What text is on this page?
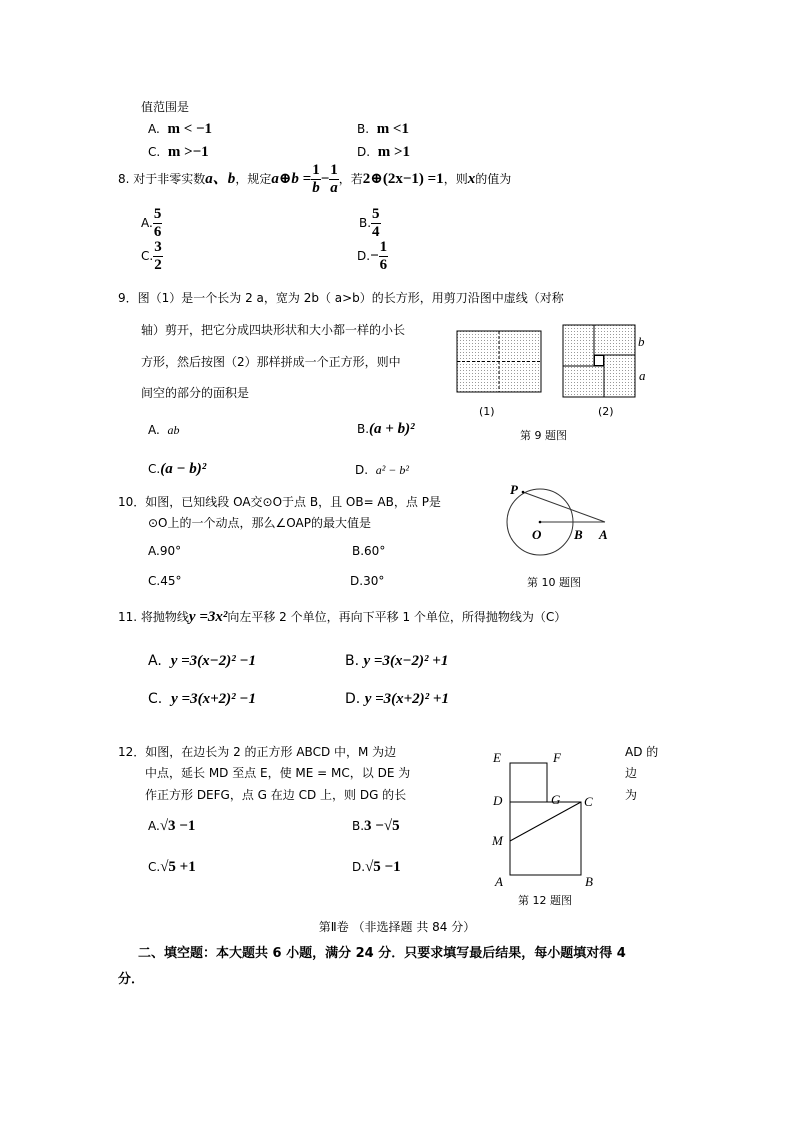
值范围是
A. m < −1	B. m <1
C. m >−1	D. m >1
8. 对于非零实数a、b，规定a⊕b = $\frac{1}{b} - \frac{1}{a}$ ，若2⊕(2x−1) =1，则x的值为
A. $\frac{5}{6}$	B. $\frac{5}{4}$
C. $\frac{3}{2}$	$D.- \frac{1}{6}$
9．图（1）是一个长为 2 a，宽为 2b（ a>b）的长方形，用剪刀沿图中虚线（对称
轴）剪开，把它分成四块形状和大小都一样的小长
方形，然后按图（2）那样拼成一个正方形，则中
间空的部分的面积是
b
a
(1)	(2)
第 9 题图
A. ab	B.(a + b)²
C.(a − b)²	D. a² − b²
10．如图，已知线段 OA交⊙O于点 B，且 OB= AB，点 P是
⊙O上的一个动点，那么∠OAP的最大值是
P
O	B A
第 10 题图
A.90°	B.60°
C.45°	D.30°
11. 将抛物线y =3x²向左平移 2 个单位，再向下平移 1 个单位，所得抛物线为（C）
A. y =3(x−2)² −1	B. y =3(x−2)² +1
C. y =3(x+2)² −1	D. y =3(x+2)² +1
12．如图，在边长为 2 的正方形 ABCD 中，M 为边
中点，延长 MD 至点 E，使 ME = MC，以 DE 为
作正方形 DEFG，点 G 在边 CD 上，则 DG 的长
AD 的
边
为
E	F
D	G C
M
A	B
第 12 题图
A.√3 −1	B.3 −√5
C.√5 +1	D.√5 −1
第Ⅱ卷 （非选择题 共 84 分）
二、填空题：本大题共 6 小题，满分 24 分．只要求填写最后结果，每小题填对得 4
分．
